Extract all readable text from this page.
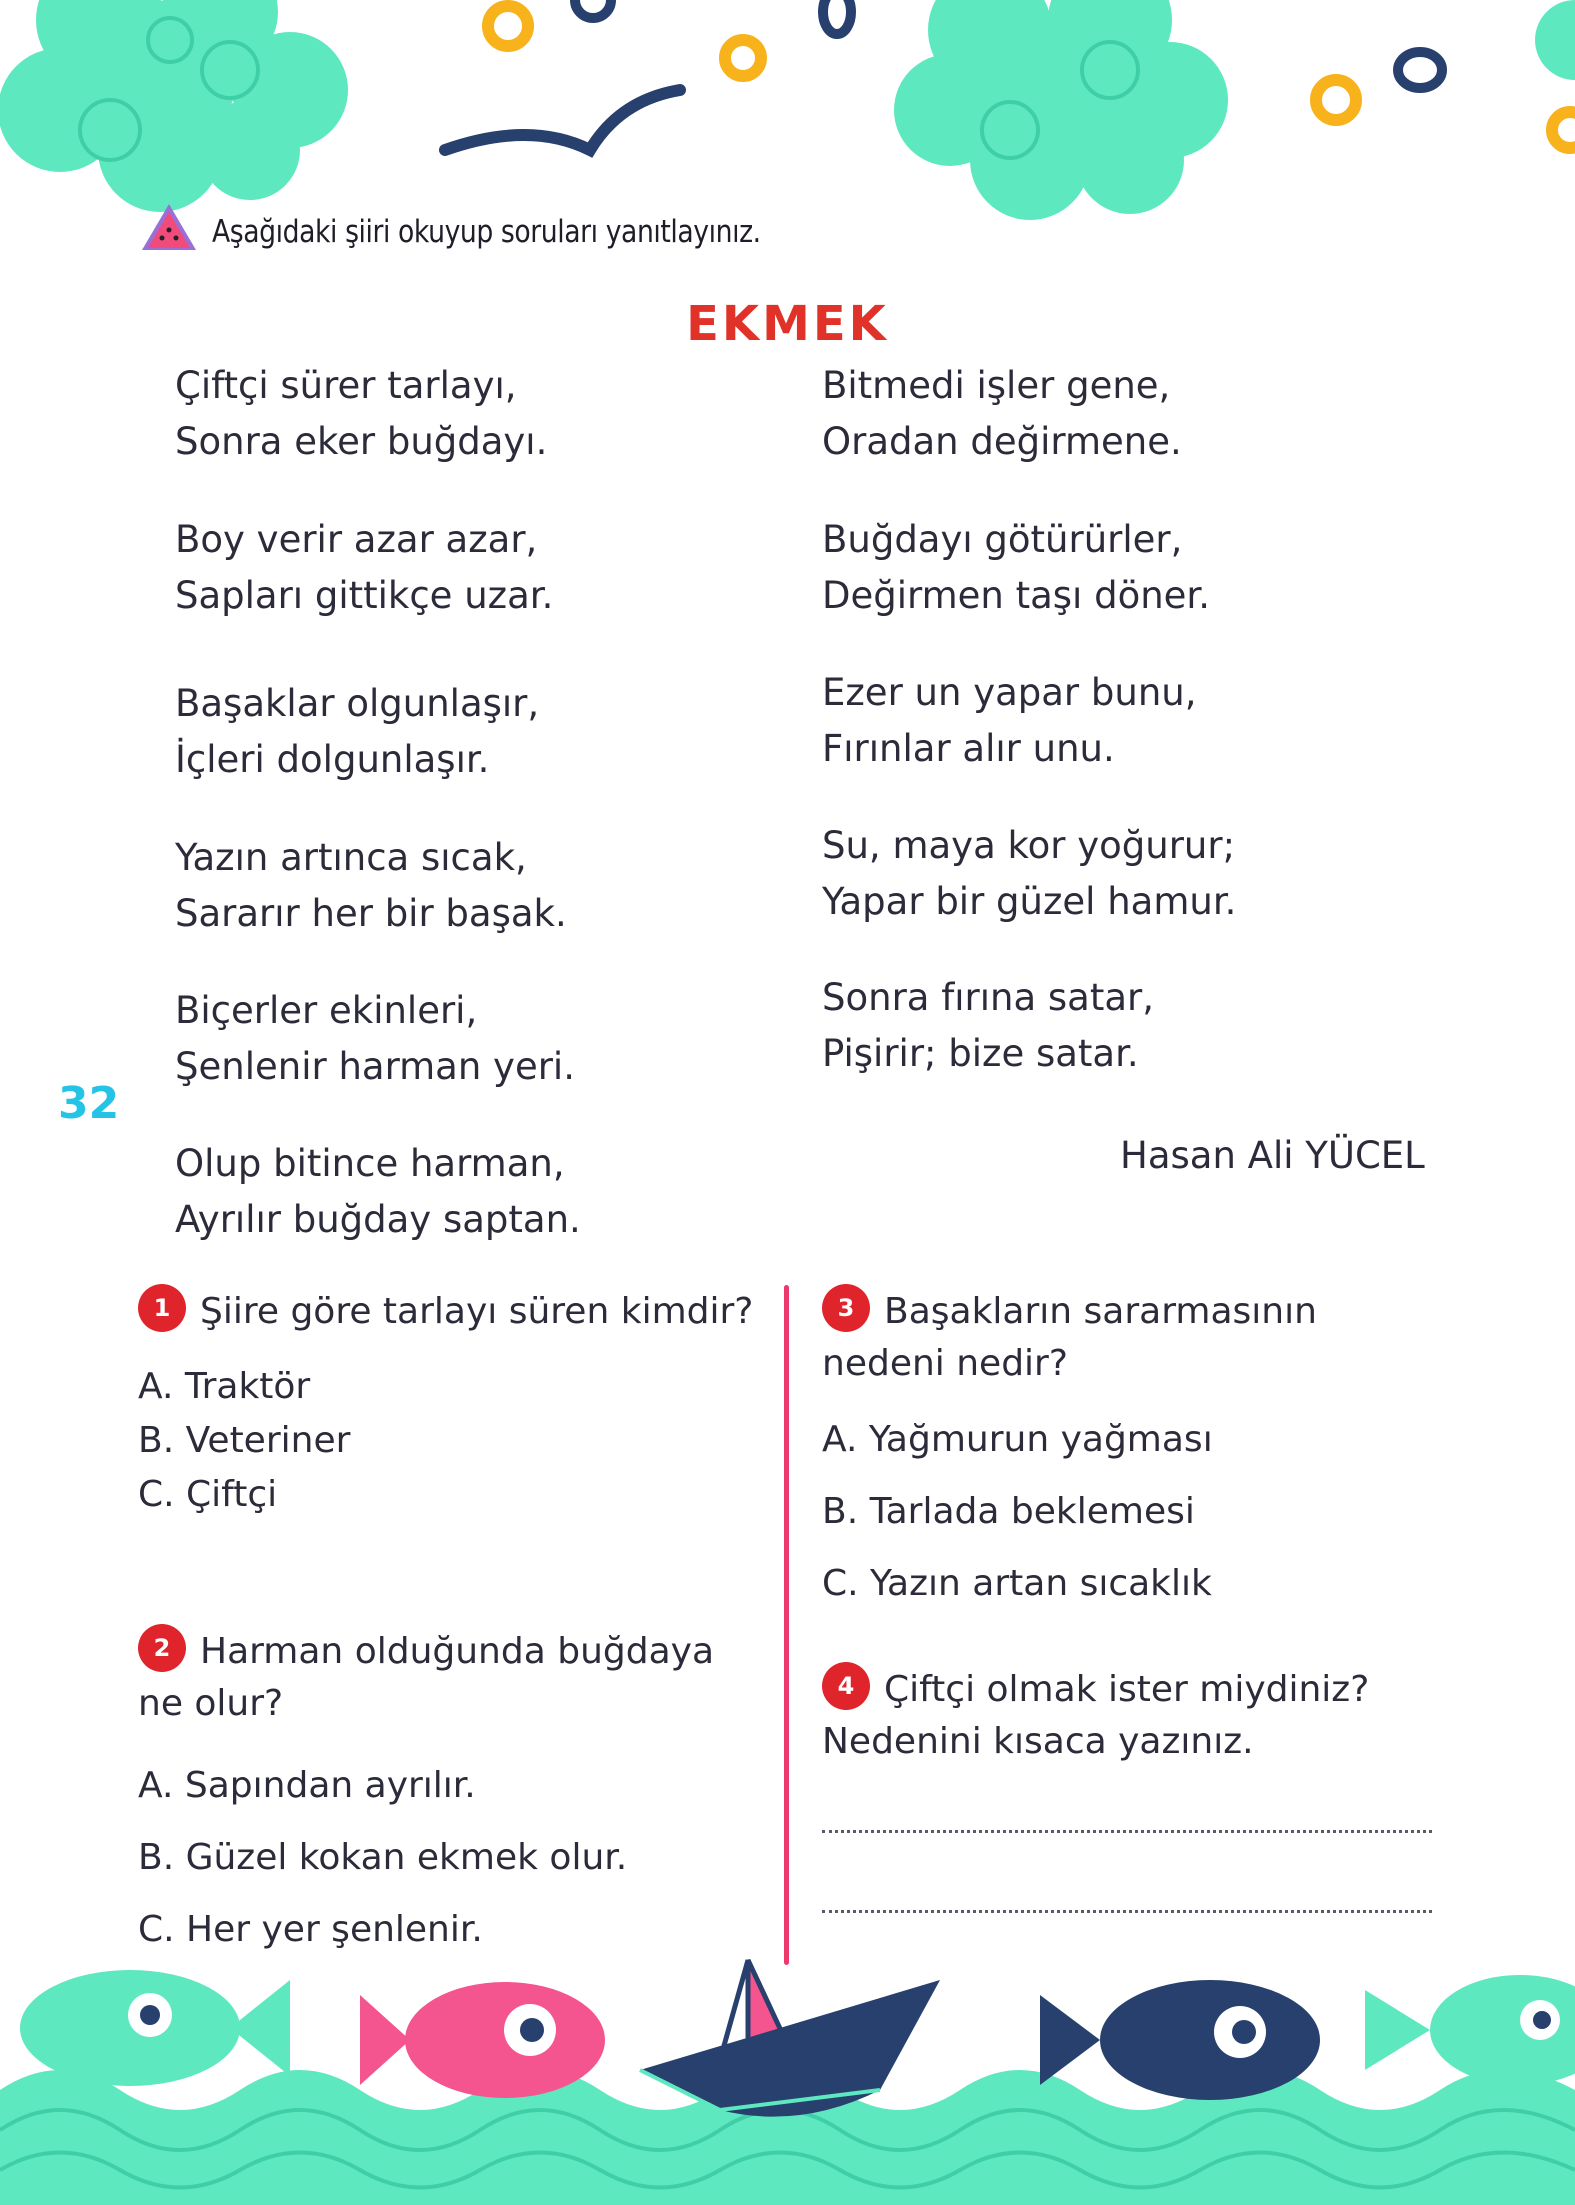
Aşağıdaki şiiri okuyup soruları yanıtlayınız.
EKMEK
Çiftçi sürer tarlayı,
Sonra eker buğdayı.
Boy verir azar azar,
Sapları gittikçe uzar.
Başaklar olgunlaşır,
İçleri dolgunlaşır.
Yazın artınca sıcak,
Sararır her bir başak.
Biçerler ekinleri,
Şenlenir harman yeri.
Olup bitince harman,
Ayrılır buğday saptan.
Bitmedi işler gene,
Oradan değirmene.
Buğdayı götürürler,
Değirmen taşı döner.
Ezer un yapar bunu,
Fırınlar alır unu.
Su, maya kor yoğurur;
Yapar bir güzel hamur.
Sonra fırına satar,
Pişirir; bize satar.
32
Hasan Ali YÜCEL
1 Şiire göre tarlayı süren kimdir?
A. Traktör
B. Veteriner
C. Çiftçi
2 Harman olduğunda buğdaya ne olur?
A. Sapından ayrılır.
B. Güzel kokan ekmek olur.
C. Her yer şenlenir.
3 Başakların sararmasının nedeni nedir?
A. Yağmurun yağması
B. Tarlada beklemesi
C. Yazın artan sıcaklık
4 Çiftçi olmak ister miydiniz? Nedenini kısaca yazınız.
